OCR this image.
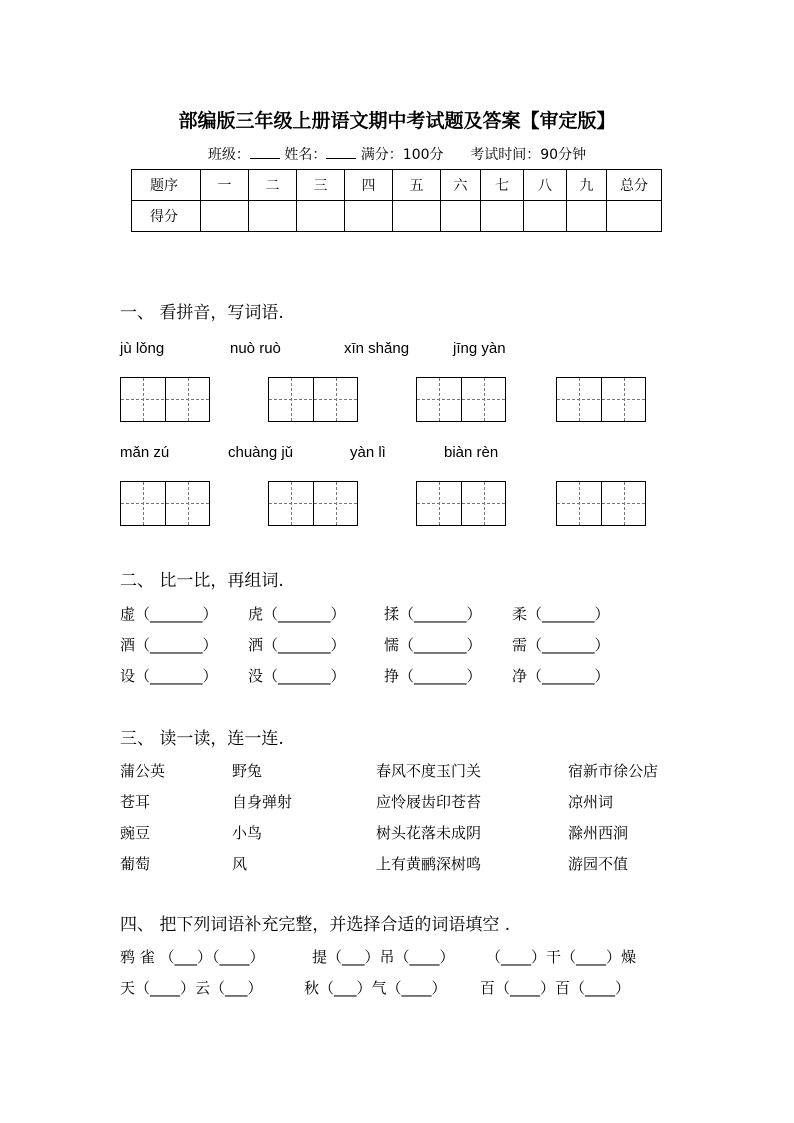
部编版三年级上册语文期中考试题及答案【审定版】
班级： 姓名： 满分：100分 考试时间：90分钟
题序	一	二	三	四	五	六	七	八	九	总分
得分										
一、 看拼音，写词语.
jù lǒng	nuò ruò	xīn shǎng	jīng yàn
mǎn zú	chuàng jǔ	yàn lì	biàn rèn
二、 比一比，再组词.
虚（_______） 虎（_______）	揉（_______） 柔（_______）
酒（_______） 洒（_______）	懦（_______） 需（_______）
设（_______） 没（_______）	挣（_______） 净（_______）
三、 读一读，连一连.
蒲公英	野兔	春风不度玉门关	宿新市徐公店
苍耳	自身弹射	应怜屐齿印苍苔	凉州词
豌豆	小鸟	树头花落未成阴	滁州西涧
葡萄	风	上有黄鹂深树鸣	游园不值
四、 把下列词语补充完整，并选择合适的词语填空 .
鸦 雀 （___）（____）	提（___）吊（____） （____）干（____）燥
天（____）云（___）	秋（___）气（____） 百（____）百（____）
